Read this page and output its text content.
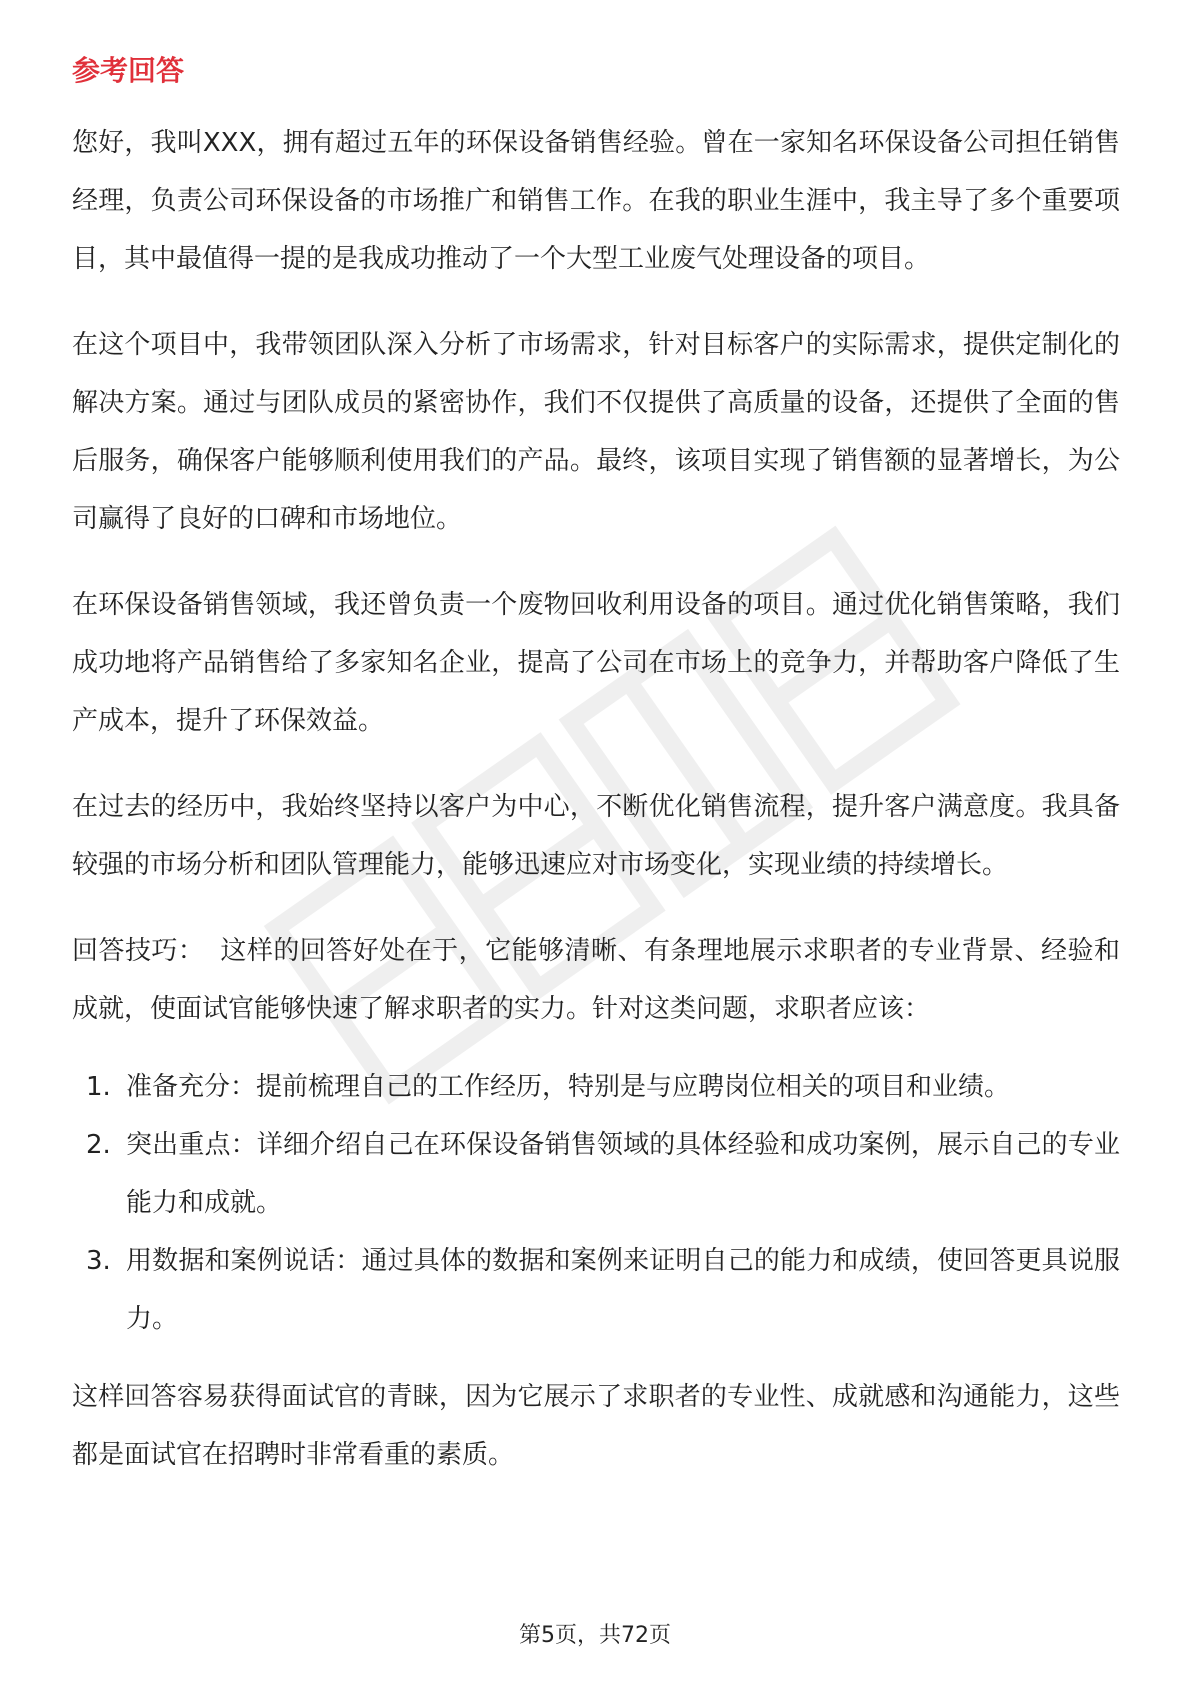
参考回答

您好，我叫XXX，拥有超过五年的环保设备销售经验。曾在一家知名环保设备公司担任销售经理，负责公司环保设备的市场推广和销售工作。在我的职业生涯中，我主导了多个重要项目，其中最值得一提的是我成功推动了一个大型工业废气处理设备的项目。

在这个项目中，我带领团队深入分析了市场需求，针对目标客户的实际需求，提供定制化的解决方案。通过与团队成员的紧密协作，我们不仅提供了高质量的设备，还提供了全面的售后服务，确保客户能够顺利使用我们的产品。最终，该项目实现了销售额的显著增长，为公司赢得了良好的口碑和市场地位。

在环保设备销售领域，我还曾负责一个废物回收利用设备的项目。通过优化销售策略，我们成功地将产品销售给了多家知名企业，提高了公司在市场上的竞争力，并帮助客户降低了生产成本，提升了环保效益。

在过去的经历中，我始终坚持以客户为中心，不断优化销售流程，提升客户满意度。我具备较强的市场分析和团队管理能力，能够迅速应对市场变化，实现业绩的持续增长。

回答技巧： 这样的回答好处在于，它能够清晰、有条理地展示求职者的专业背景、经验和成就，使面试官能够快速了解求职者的实力。针对这类问题，求职者应该：

1. 准备充分：提前梳理自己的工作经历，特别是与应聘岗位相关的项目和业绩。
2. 突出重点：详细介绍自己在环保设备销售领域的具体经验和成功案例，展示自己的专业能力和成就。
3. 用数据和案例说话：通过具体的数据和案例来证明自己的能力和成绩，使回答更具说服力。

这样回答容易获得面试官的青睐，因为它展示了求职者的专业性、成就感和沟通能力，这些都是面试官在招聘时非常看重的素质。

第5页，共72页
